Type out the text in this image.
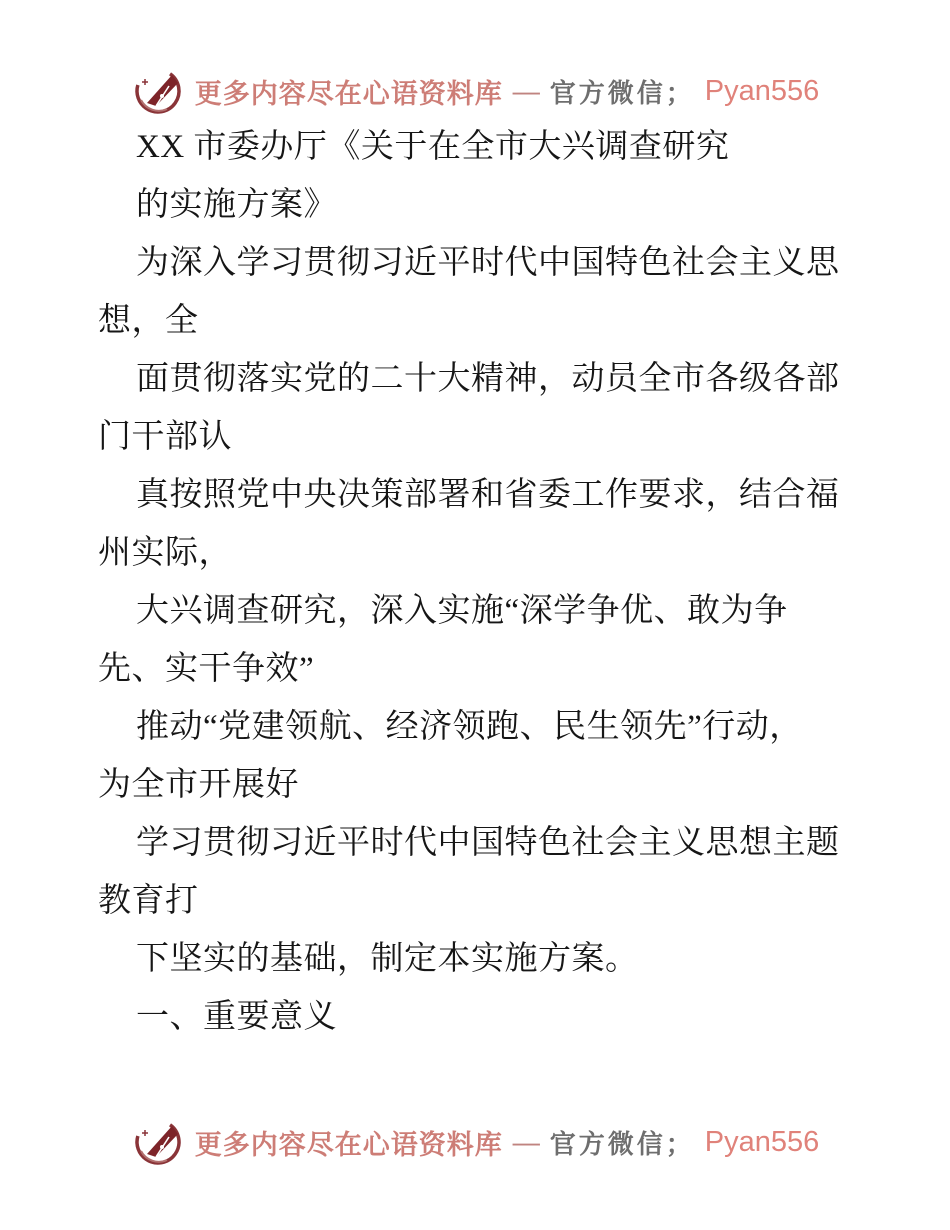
更多内容尽在心语资料库 — 官方微信； Pyan556
XX 市委办厅《关于在全市大兴调查研究
的实施方案》
为深入学习贯彻习近平时代中国特色社会主义思
想，全
面贯彻落实党的二十大精神，动员全市各级各部
门干部认
真按照党中央决策部署和省委工作要求，结合福
州实际，
大兴调查研究，深入实施“深学争优、敢为争
先、实干争效”
推动“党建领航、经济领跑、民生领先”行动，
为全市开展好
学习贯彻习近平时代中国特色社会主义思想主题
教育打
下坚实的基础，制定本实施方案。
一、重要意义
更多内容尽在心语资料库 — 官方微信； Pyan556
